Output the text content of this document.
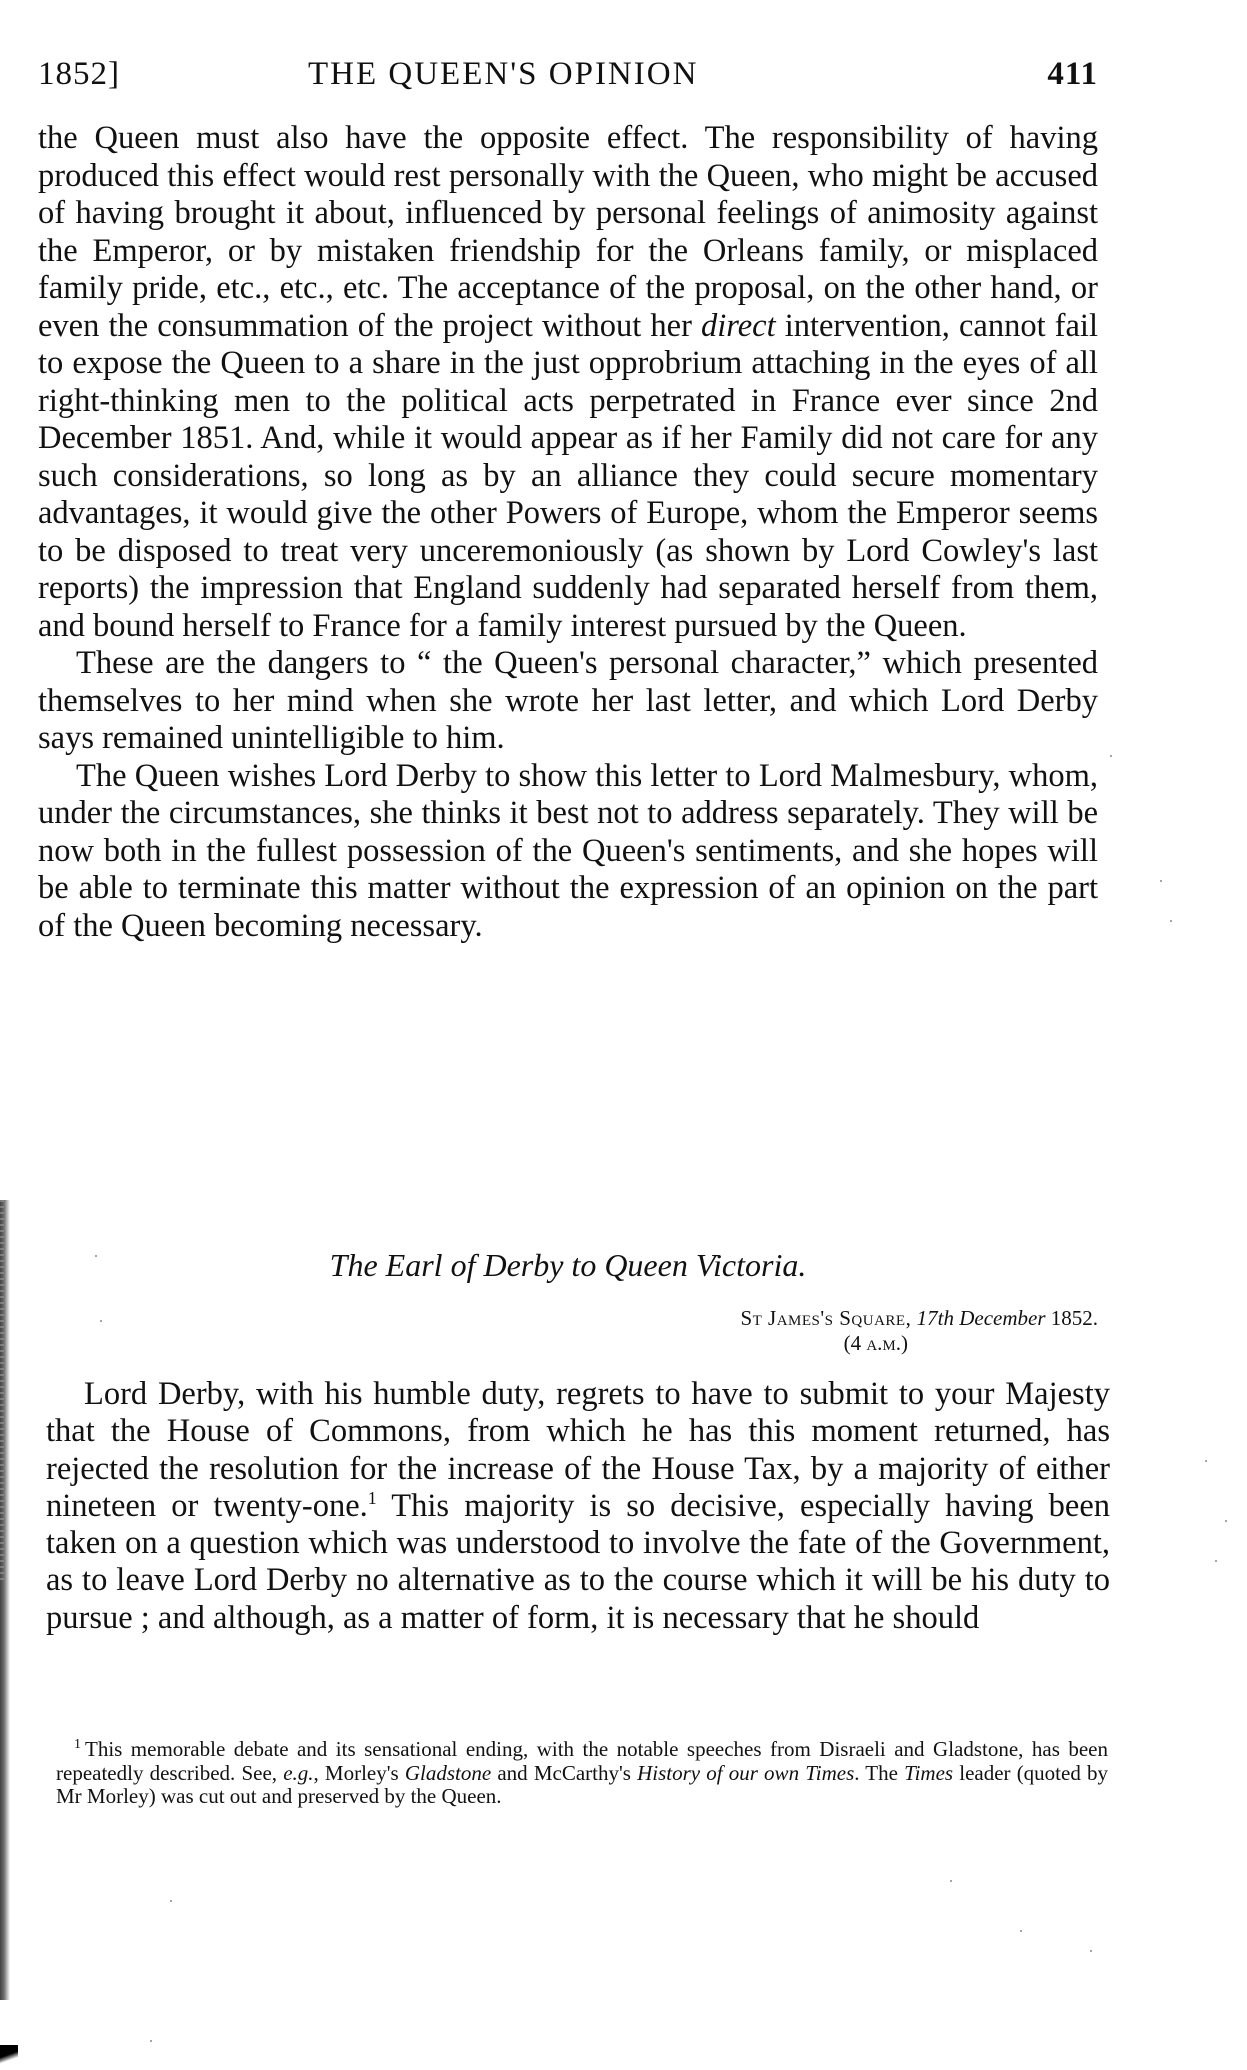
1852]	THE QUEEN'S OPINION	411

the Queen must also have the opposite effect. The responsibility of having produced this effect would rest personally with the Queen, who might be accused of having brought it about, influenced by personal feelings of animosity against the Emperor, or by mistaken friendship for the Orleans family, or misplaced family pride, etc., etc., etc. The acceptance of the proposal, on the other hand, or even the consummation of the project without her direct intervention, cannot fail to expose the Queen to a share in the just opprobrium attaching in the eyes of all right-thinking men to the political acts perpetrated in France ever since 2nd December 1851. And, while it would appear as if her Family did not care for any such considerations, so long as by an alliance they could secure momentary advantages, it would give the other Powers of Europe, whom the Emperor seems to be disposed to treat very unceremoniously (as shown by Lord Cowley's last reports) the impression that England suddenly had separated herself from them, and bound herself to France for a family interest pursued by the Queen.

These are the dangers to “ the Queen's personal character,” which presented themselves to her mind when she wrote her last letter, and which Lord Derby says remained unintelligible to him.

The Queen wishes Lord Derby to show this letter to Lord Malmesbury, whom, under the circumstances, she thinks it best not to address separately. They will be now both in the fullest possession of the Queen's sentiments, and she hopes will be able to terminate this matter without the expression of an opinion on the part of the Queen becoming necessary.

The Earl of Derby to Queen Victoria.
St James's Square, 17th December 1852.
(4 a.m.)

Lord Derby, with his humble duty, regrets to have to submit to your Majesty that the House of Commons, from which he has this moment returned, has rejected the resolution for the increase of the House Tax, by a majority of either nineteen or twenty-one.$^1$ This majority is so decisive, especially having been taken on a question which was understood to involve the fate of the Government, as to leave Lord Derby no alternative as to the course which it will be his duty to pursue ; and although, as a matter of form, it is necessary that he should

$^1$ This memorable debate and its sensational ending, with the notable speeches from Disraeli and Gladstone, has been repeatedly described. See, e.g., Morley's Gladstone and McCarthy's History of our own Times. The Times leader (quoted by Mr Morley) was cut out and preserved by the Queen.
